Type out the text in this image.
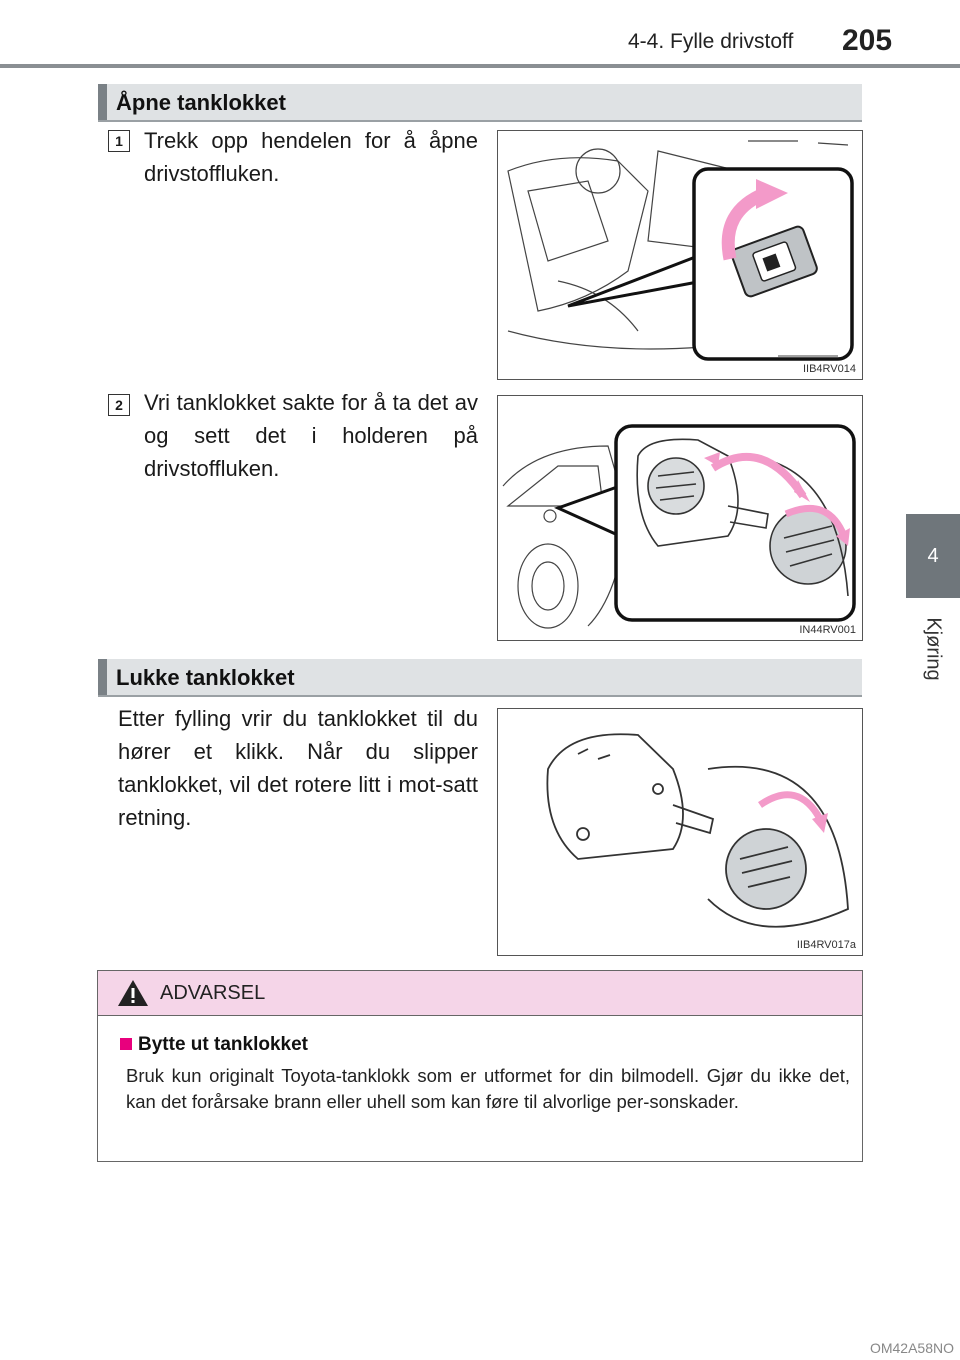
4-4. Fylle drivstoff 205
4
Kjøring
Åpne tanklokket
1 Trekk opp hendelen for å åpne drivstoffluken.
IIB4RV014
2 Vri tanklokket sakte for å ta det av og sett det i holderen på drivstoffluken.
IN44RV001
Lukke tanklokket
Etter fylling vrir du tanklokket til du hører et klikk. Når du slipper tanklokket, vil det rotere litt i mot-satt retning.
IIB4RV017a
ADVARSEL
Bytte ut tanklokket
Bruk kun originalt Toyota-tanklokk som er utformet for din bilmodell. Gjør du ikke det, kan det forårsake brann eller uhell som kan føre til alvorlige per-sonskader.
OM42A58NO
